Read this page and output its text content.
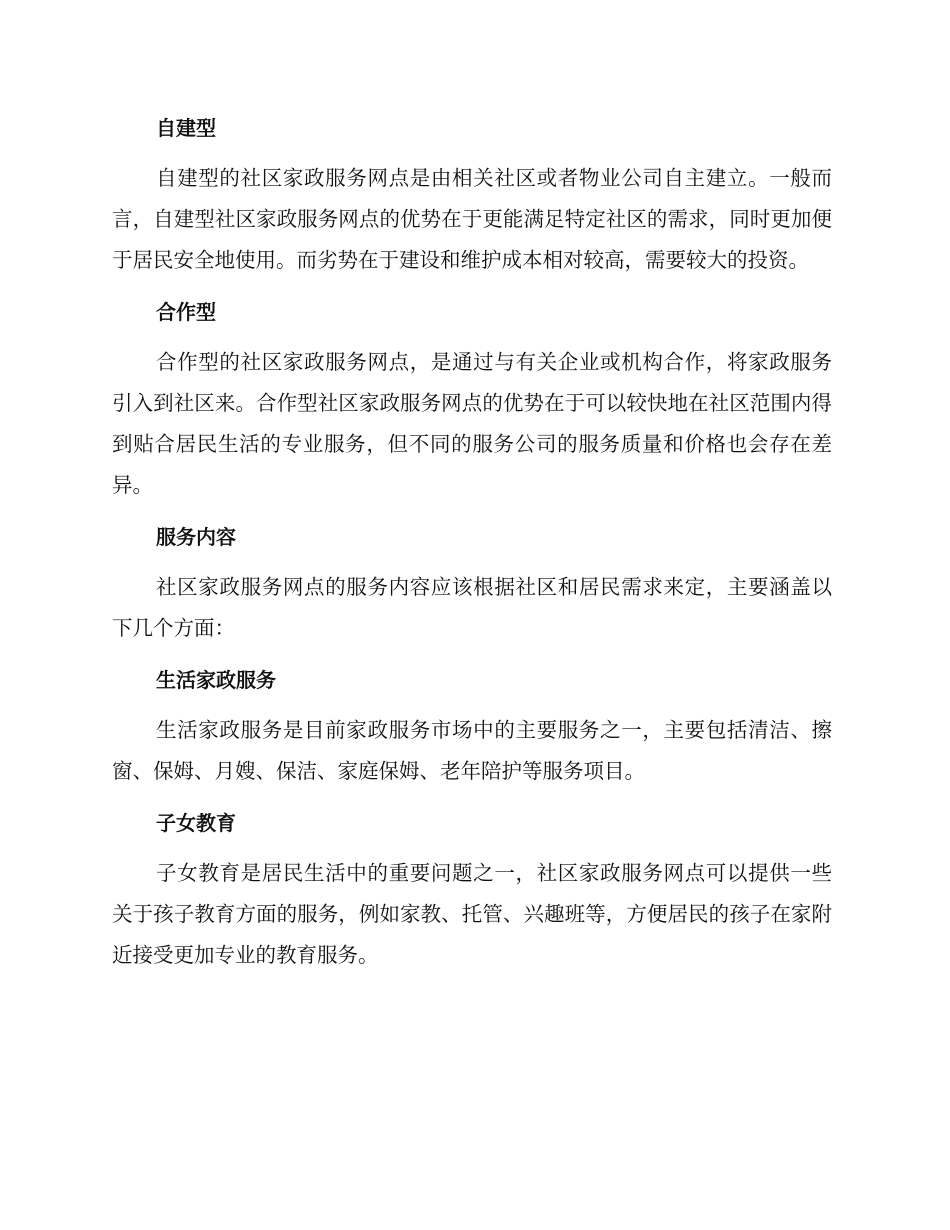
自建型

自建型的社区家政服务网点是由相关社区或者物业公司自主建立。一般而言，自建型社区家政服务网点的优势在于更能满足特定社区的需求，同时更加便于居民安全地使用。而劣势在于建设和维护成本相对较高，需要较大的投资。

合作型

合作型的社区家政服务网点，是通过与有关企业或机构合作，将家政服务引入到社区来。合作型社区家政服务网点的优势在于可以较快地在社区范围内得到贴合居民生活的专业服务，但不同的服务公司的服务质量和价格也会存在差异。

服务内容

社区家政服务网点的服务内容应该根据社区和居民需求来定，主要涵盖以下几个方面：

生活家政服务

生活家政服务是目前家政服务市场中的主要服务之一，主要包括清洁、擦窗、保姆、月嫂、保洁、家庭保姆、老年陪护等服务项目。

子女教育

子女教育是居民生活中的重要问题之一，社区家政服务网点可以提供一些关于孩子教育方面的服务，例如家教、托管、兴趣班等，方便居民的孩子在家附近接受更加专业的教育服务。
